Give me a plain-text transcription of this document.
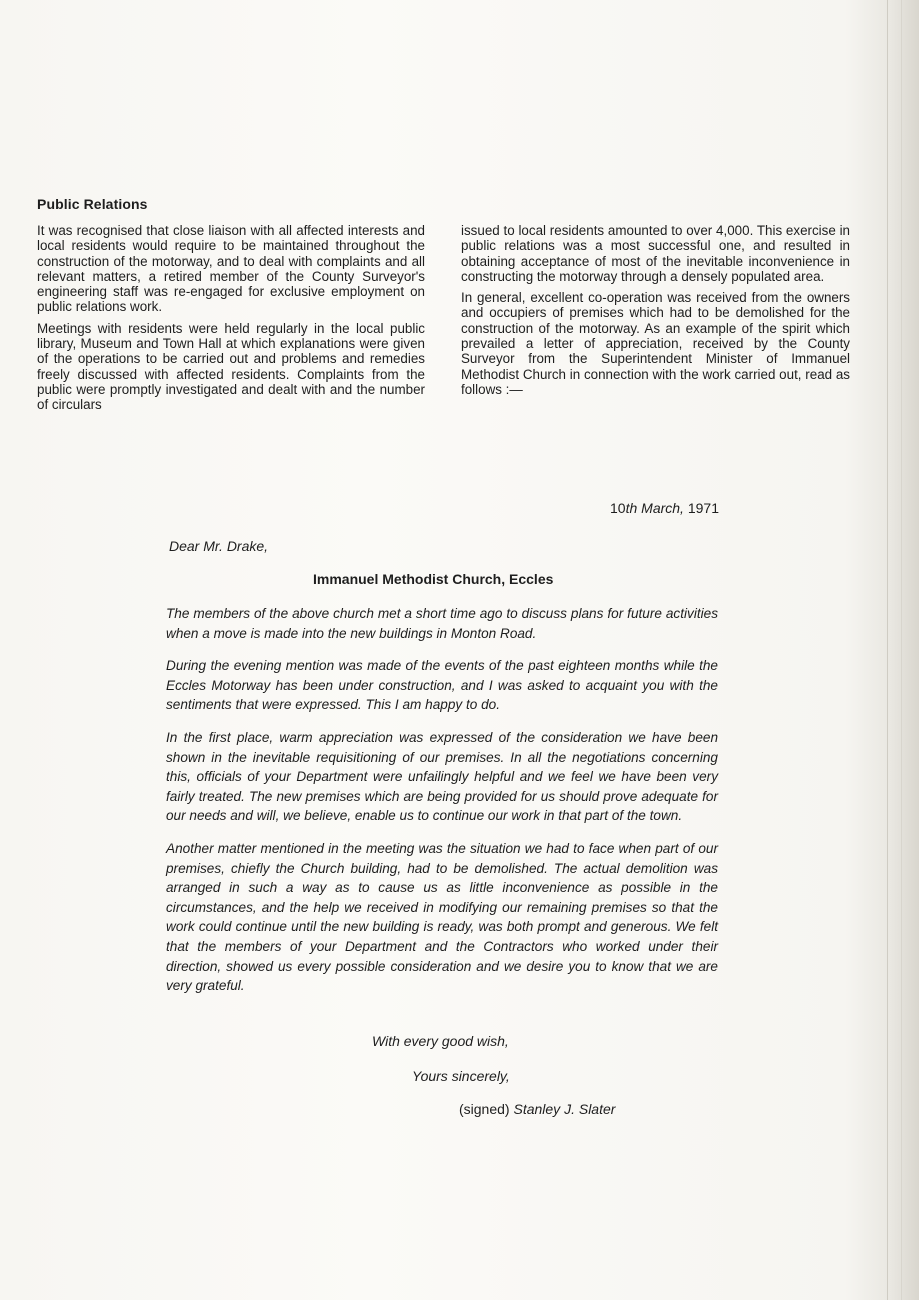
Public Relations

It was recognised that close liaison with all affected interests and local residents would require to be maintained throughout the construction of the motorway, and to deal with complaints and all relevant matters, a retired member of the County Surveyor's engineering staff was re-engaged for exclusive employment on public relations work.

Meetings with residents were held regularly in the local public library, Museum and Town Hall at which explanations were given of the operations to be carried out and problems and remedies freely discussed with affected residents. Complaints from the public were promptly investigated and dealt with and the number of circulars

issued to local residents amounted to over 4,000. This exercise in public relations was a most successful one, and resulted in obtaining acceptance of most of the inevitable inconvenience in constructing the motorway through a densely populated area.

In general, excellent co-operation was received from the owners and occupiers of premises which had to be demolished for the construction of the motorway. As an example of the spirit which prevailed a letter of appreciation, received by the County Surveyor from the Superintendent Minister of Immanuel Methodist Church in connection with the work carried out, read as follows :—

10th March, 1971
Dear Mr. Drake,
Immanuel Methodist Church, Eccles

The members of the above church met a short time ago to discuss plans for future activities when a move is made into the new buildings in Monton Road.

During the evening mention was made of the events of the past eighteen months while the Eccles Motorway has been under construction, and I was asked to acquaint you with the sentiments that were expressed. This I am happy to do.

In the first place, warm appreciation was expressed of the consideration we have been shown in the inevitable requisitioning of our premises. In all the negotiations concerning this, officials of your Department were unfailingly helpful and we feel we have been very fairly treated. The new premises which are being provided for us should prove adequate for our needs and will, we believe, enable us to continue our work in that part of the town.

Another matter mentioned in the meeting was the situation we had to face when part of our premises, chiefly the Church building, had to be demolished. The actual demolition was arranged in such a way as to cause us as little inconvenience as possible in the circumstances, and the help we received in modifying our remaining premises so that the work could continue until the new building is ready, was both prompt and generous. We felt that the members of your Department and the Contractors who worked under their direction, showed us every possible consideration and we desire you to know that we are very grateful.

With every good wish,
Yours sincerely,
(signed) Stanley J. Slater
